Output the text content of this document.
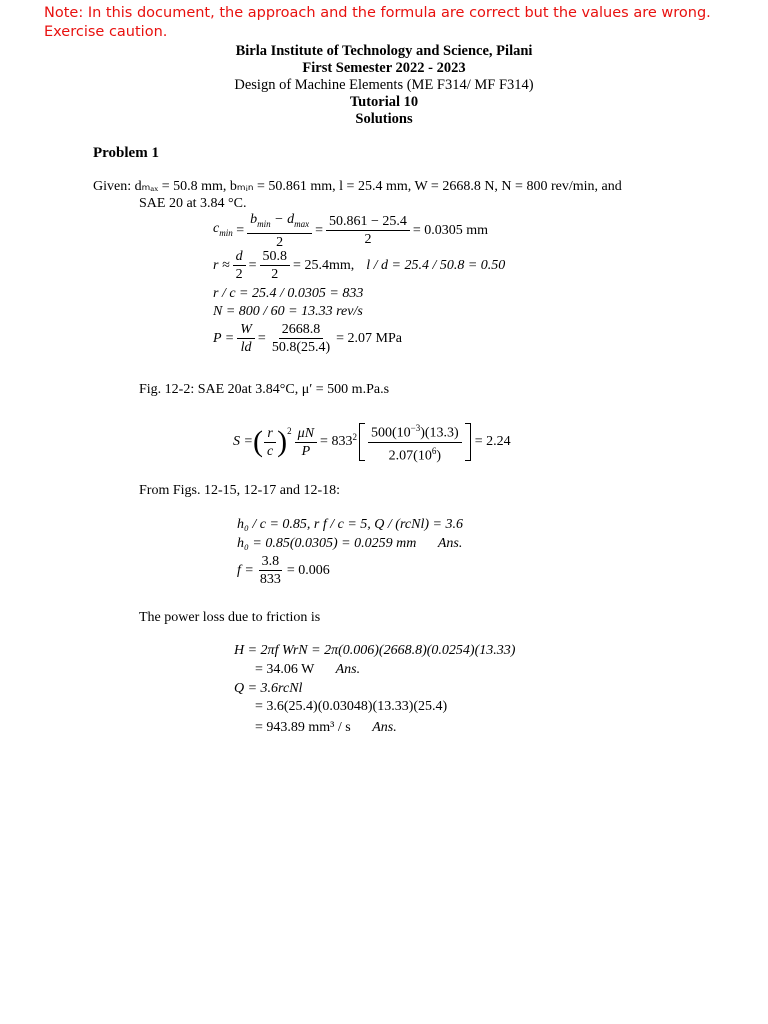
Note: In this document, the approach and the formula are correct but the values are wrong.
Exercise caution.
Birla Institute of Technology and Science, Pilani
First Semester 2022 - 2023
Design of Machine Elements (ME F314/ MF F314)
Tutorial 10
Solutions
Problem 1
Given: dₘₐₓ = 50.8 mm, bₘᵢₙ = 50.861 mm, l = 25.4 mm, W = 2668.8 N, N = 800 rev/min, and
SAE 20 at 3.84 °C.
$c_{min} = \frac{b_{min} - d_{max}}{2} = \frac{50.861 - 25.4}{2} = 0.0305$ mm
$r \approx \frac{d}{2} = \frac{50.8}{2} = 25.4mm$, l / d = 25.4 / 50.8 = 0.50
r / c = 25.4 / 0.0305 = 833
N = 800 / 60 = 13.33 rev/s
$P = \frac{W}{ld} = \frac{2668.8}{50.8(25.4)} = 2.07$ MPa
Fig. 12-2: SAE 20at 3.84°C, μ′ = 500 m.Pa.s
S = ( $\frac{r}{c} )^2 \frac{\mu N}{P} = 833^2 \frac{500(10^{-3})(13.3)}{2.07(10^6)} = 2.24$
From Figs. 12-15, 12-17 and 12-18:
h₀ / c = 0.85, r f / c = 5, Q / (rcNl) = 3.6
h₀ = 0.85(0.0305) = 0.0259 mm Ans.
$f = \frac{3.8}{833} = 0.006$
The power loss due to friction is
H = 2πf WrN = 2π(0.006)(2668.8)(0.0254)(13.33)
= 34.06 W Ans.
Q = 3.6rcNl
= 3.6(25.4)(0.03048)(13.33)(25.4)
= 943.89 mm³ / s Ans.
